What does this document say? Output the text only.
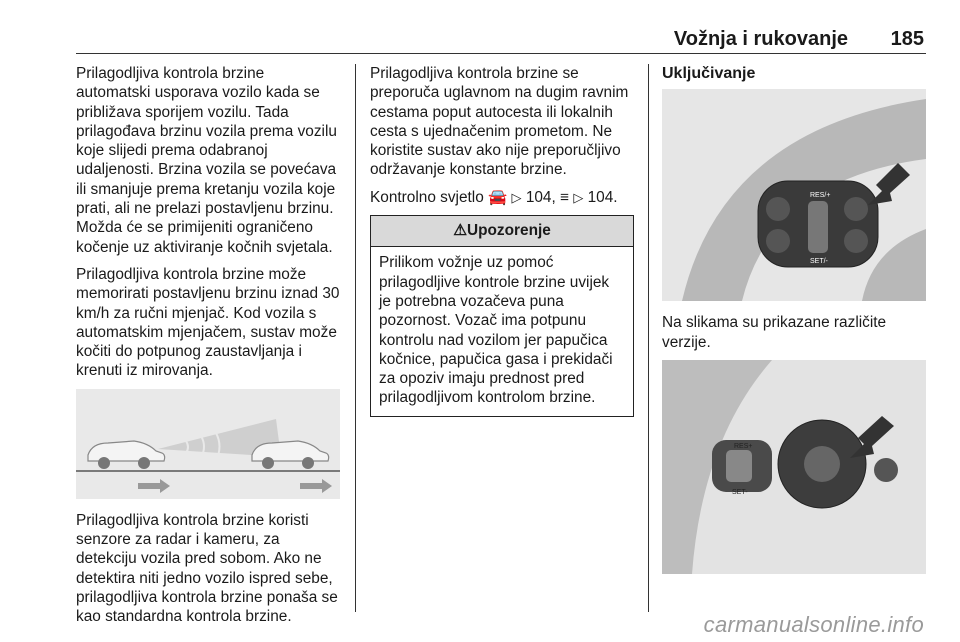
Vožnja i rukovanje 185

Prilagodljiva kontrola brzine automatski usporava vozilo kada se približava sporijem vozilu. Tada prilagođava brzinu vozila prema vozilu koje slijedi prema odabranoj udaljenosti. Brzina vozila se povećava ili smanjuje prema kretanju vozila koje prati, ali ne prelazi postavljenu brzinu. Možda će se primijeniti ograničeno kočenje uz aktiviranje kočnih svjetala.

Prilagodljiva kontrola brzine može memorirati postavljenu brzinu iznad 30 km/h za ručni mjenjač. Kod vozila s automatskim mjenjačem, sustav može kočiti do potpunog zaustavljanja i krenuti iz mirovanja.

Prilagodljiva kontrola brzine koristi senzore za radar i kameru, za detekciju vozila pred sobom. Ako ne detektira niti jedno vozilo ispred sebe, prilagodljiva kontrola brzine ponaša se kao standardna kontrola brzine.

Prilagodljiva kontrola brzine se preporuča uglavnom na dugim ravnim cestama poput autocesta ili lokalnih cesta s ujednačenim prometom. Ne koristite sustav ako nije preporučljivo održavanje konstante brzine.

Kontrolno svjetlo 🚘 ▷ 104, ≡ ▷ 104.

⚠Upozorenje
Prilikom vožnje uz pomoć prilagodljive kontrole brzine uvijek je potrebna vozačeva puna pozornost. Vozač ima potpunu kontrolu nad vozilom jer papučica kočnice, papučica gasa i prekidači za opoziv imaju prednost pred prilagodljivom kontrolom brzine.
Uključivanje
RES/+
SET/-

Na slikama su prikazane različite verzije.

RES+
SET-
carmanualsonline.info
